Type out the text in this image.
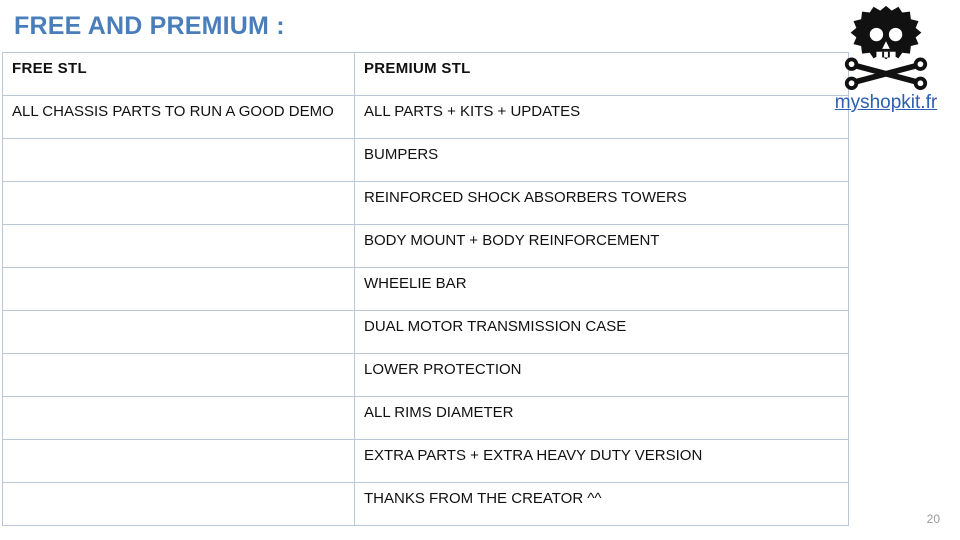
FREE AND PREMIUM :
FREE STL	PREMIUM STL
ALL CHASSIS PARTS TO RUN A GOOD DEMO	ALL PARTS + KITS + UPDATES
	BUMPERS
	REINFORCED SHOCK ABSORBERS TOWERS
	BODY MOUNT + BODY REINFORCEMENT
	WHEELIE BAR
	DUAL MOTOR TRANSMISSION CASE
	LOWER PROTECTION
	ALL RIMS DIAMETER
	EXTRA PARTS + EXTRA HEAVY DUTY VERSION
	THANKS FROM THE CREATOR ^^
myshopkit.fr
20
